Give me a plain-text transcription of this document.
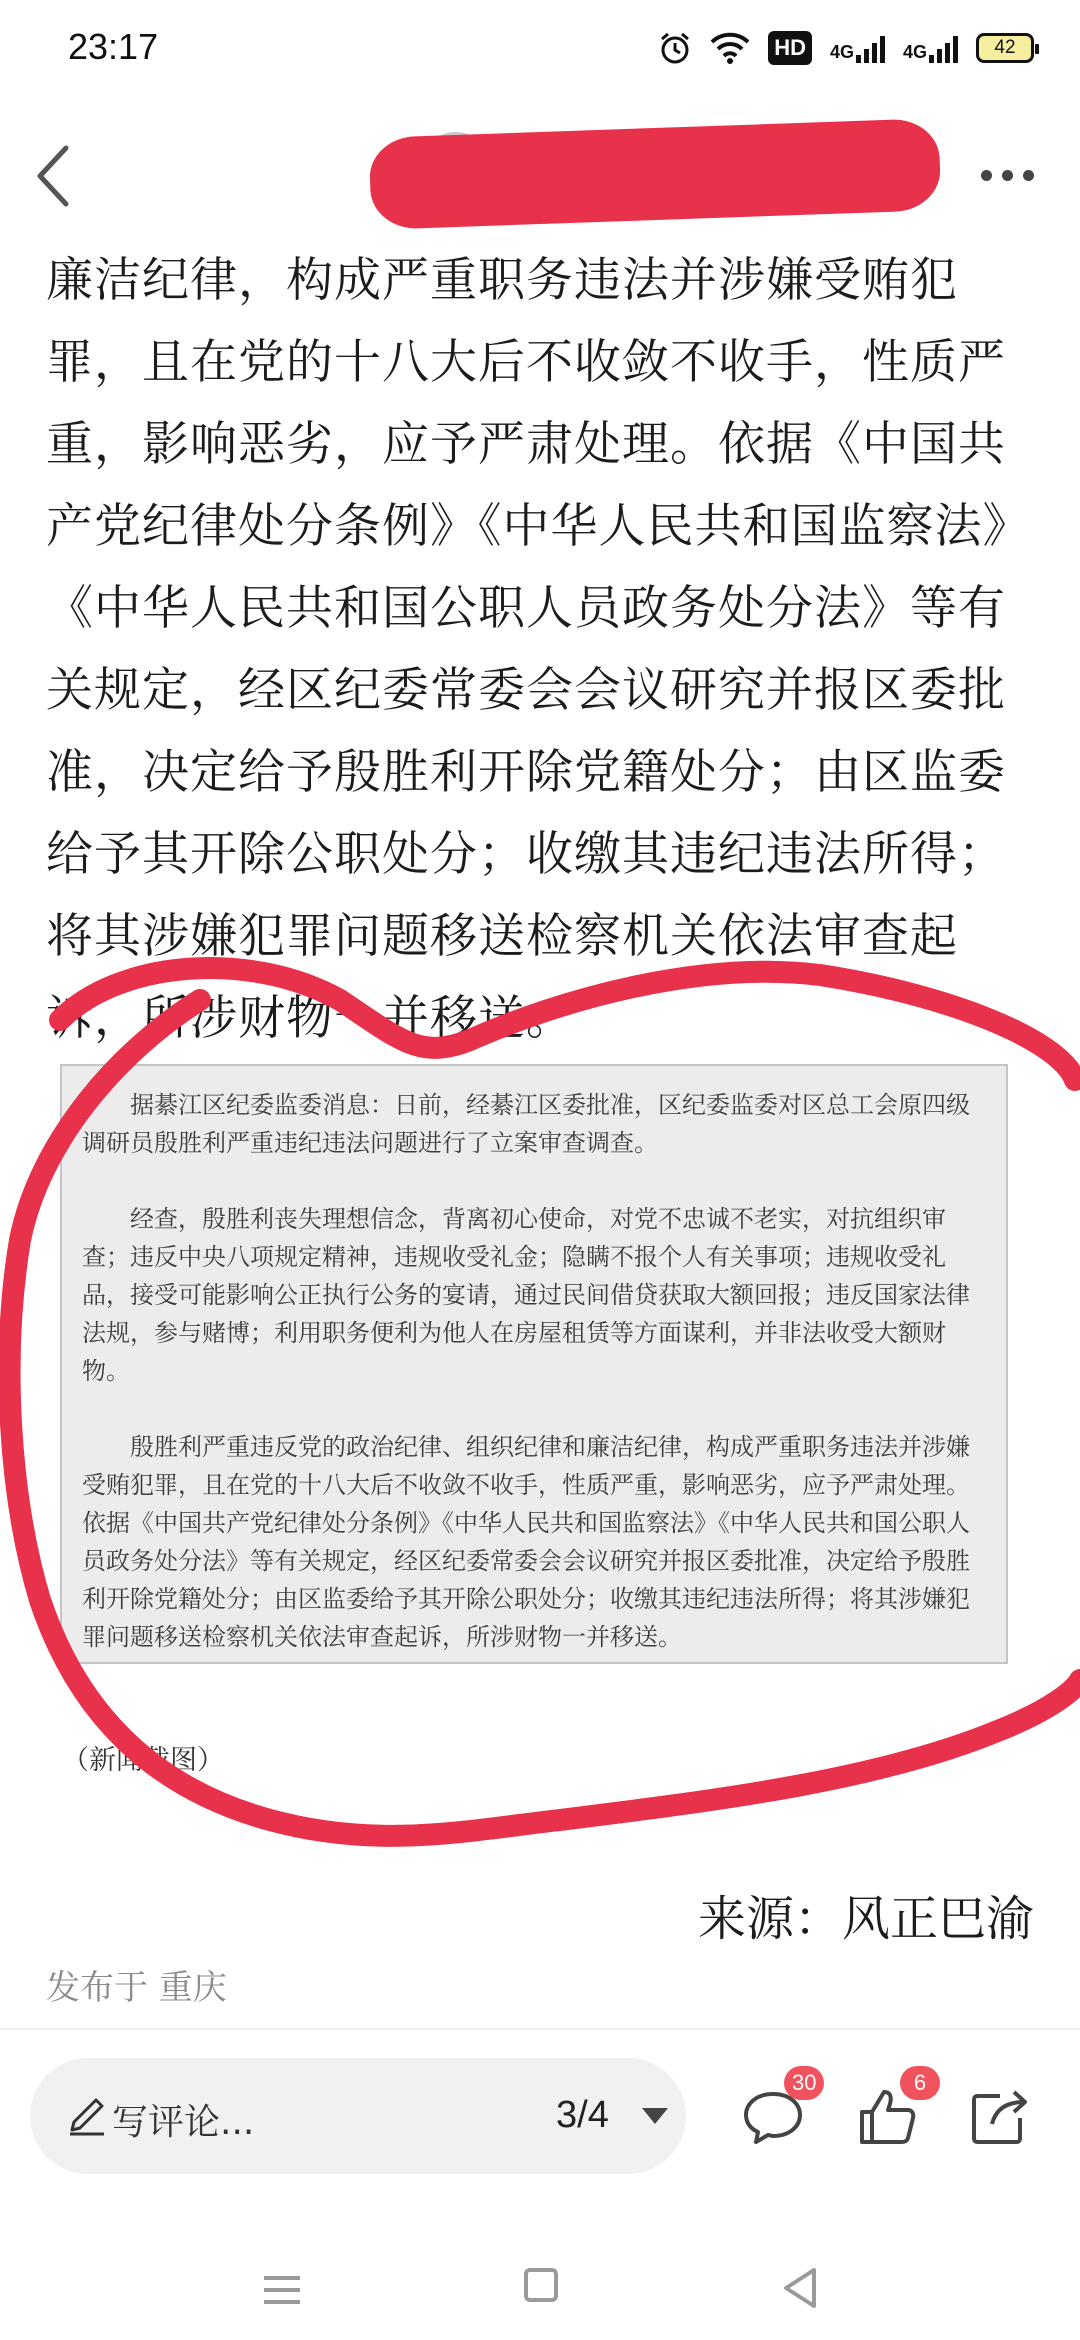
23:17	HD	4G	4G	42

廉洁纪律，构成严重职务违法并涉嫌受贿犯罪，且在党的十八大后不收敛不收手，性质严重，影响恶劣，应予严肃处理。依据《中国共产党纪律处分条例》《中华人民共和国监察法》《中华人民共和国公职人员政务处分法》等有关规定，经区纪委常委会会议研究并报区委批准，决定给予殷胜利开除党籍处分；由区监委给予其开除公职处分；收缴其违纪违法所得；将其涉嫌犯罪问题移送检察机关依法审查起诉，所涉财物一并移送。

据綦江区纪委监委消息：日前，经綦江区委批准，区纪委监委对区总工会原四级调研员殷胜利严重违纪违法问题进行了立案审查调查。

经查，殷胜利丧失理想信念，背离初心使命，对党不忠诚不老实，对抗组织审查；违反中央八项规定精神，违规收受礼金；隐瞒不报个人有关事项；违规收受礼品，接受可能影响公正执行公务的宴请，通过民间借贷获取大额回报；违反国家法律法规，参与赌博；利用职务便利为他人在房屋租赁等方面谋利，并非法收受大额财物。

殷胜利严重违反党的政治纪律、组织纪律和廉洁纪律，构成严重职务违法并涉嫌受贿犯罪，且在党的十八大后不收敛不收手，性质严重，影响恶劣，应予严肃处理。依据《中国共产党纪律处分条例》《中华人民共和国监察法》《中华人民共和国公职人员政务处分法》等有关规定，经区纪委常委会会议研究并报区委批准，决定给予殷胜利开除党籍处分；由区监委给予其开除公职处分；收缴其违纪违法所得；将其涉嫌犯罪问题移送检察机关依法审查起诉，所涉财物一并移送。

（新闻截图）
来源：风正巴渝
发布于 重庆
写评论...	3/4
30	6
